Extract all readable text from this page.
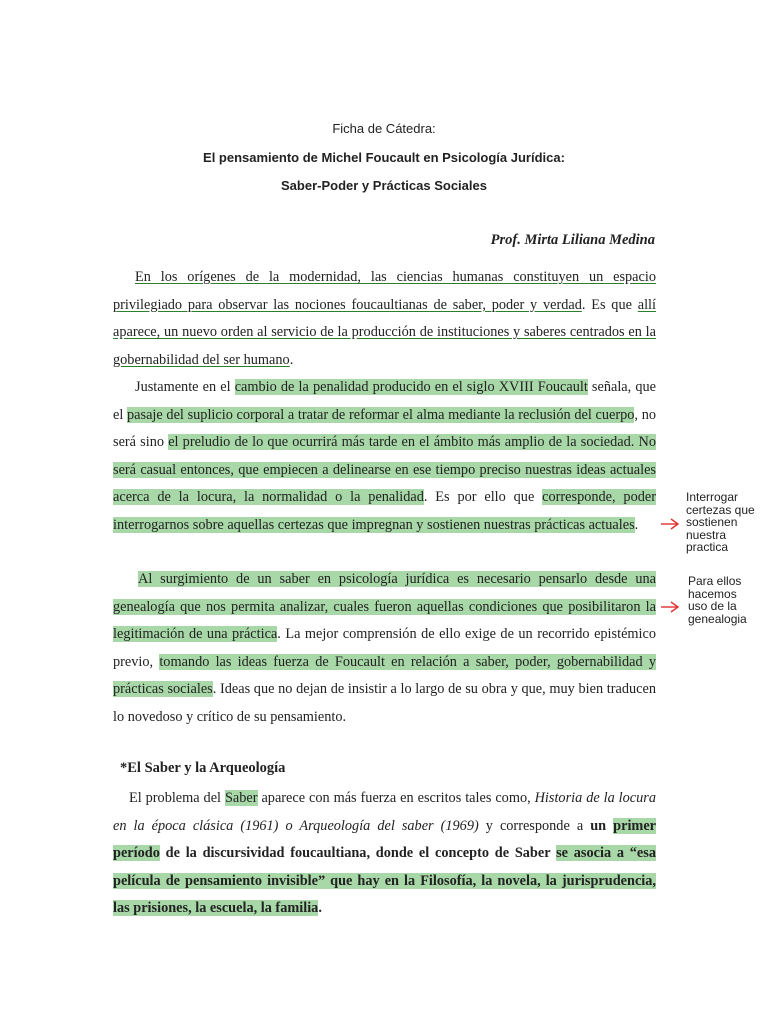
Ficha de Cátedra:
El pensamiento de Michel Foucault en Psicología Jurídica:
Saber-Poder y Prácticas Sociales
Prof. Mirta Liliana Medina
En los orígenes de la modernidad, las ciencias humanas constituyen un espacio privilegiado para observar las nociones foucaultianas de saber, poder y verdad. Es que allí aparece, un nuevo orden al servicio de la producción de instituciones y saberes centrados en la gobernabilidad del ser humano.
Justamente en el cambio de la penalidad producido en el siglo XVIII Foucault señala, que el pasaje del suplicio corporal a tratar de reformar el alma mediante la reclusión del cuerpo, no será sino el preludio de lo que ocurrirá más tarde en el ámbito más amplio de la sociedad. No será casual entonces, que empiecen a delinearse en ese tiempo preciso nuestras ideas actuales acerca de la locura, la normalidad o la penalidad. Es por ello que corresponde, poder interrogarnos sobre aquellas certezas que impregnan y sostienen nuestras prácticas actuales.
Al surgimiento de un saber en psicología jurídica es necesario pensarlo desde una genealogía que nos permita analizar, cuales fueron aquellas condiciones que posibilitaron la legitimación de una práctica. La mejor comprensión de ello exige de un recorrido epistémico previo, tomando las ideas fuerza de Foucault en relación a saber, poder, gobernabilidad y prácticas sociales. Ideas que no dejan de insistir a lo largo de su obra y que, muy bien traducen lo novedoso y crítico de su pensamiento.
*El Saber y la Arqueología
El problema del Saber aparece con más fuerza en escritos tales como, Historia de la locura en la época clásica (1961) o Arqueología del saber (1969) y corresponde a un primer período de la discursividad foucaultiana, donde el concepto de Saber se asocia a “esa película de pensamiento invisible” que hay en la Filosofía, la novela, la jurisprudencia, las prisiones, la escuela, la familia.
Interrogar certezas que sostienen nuestra practica
Para ellos hacemos uso de la genealogia
